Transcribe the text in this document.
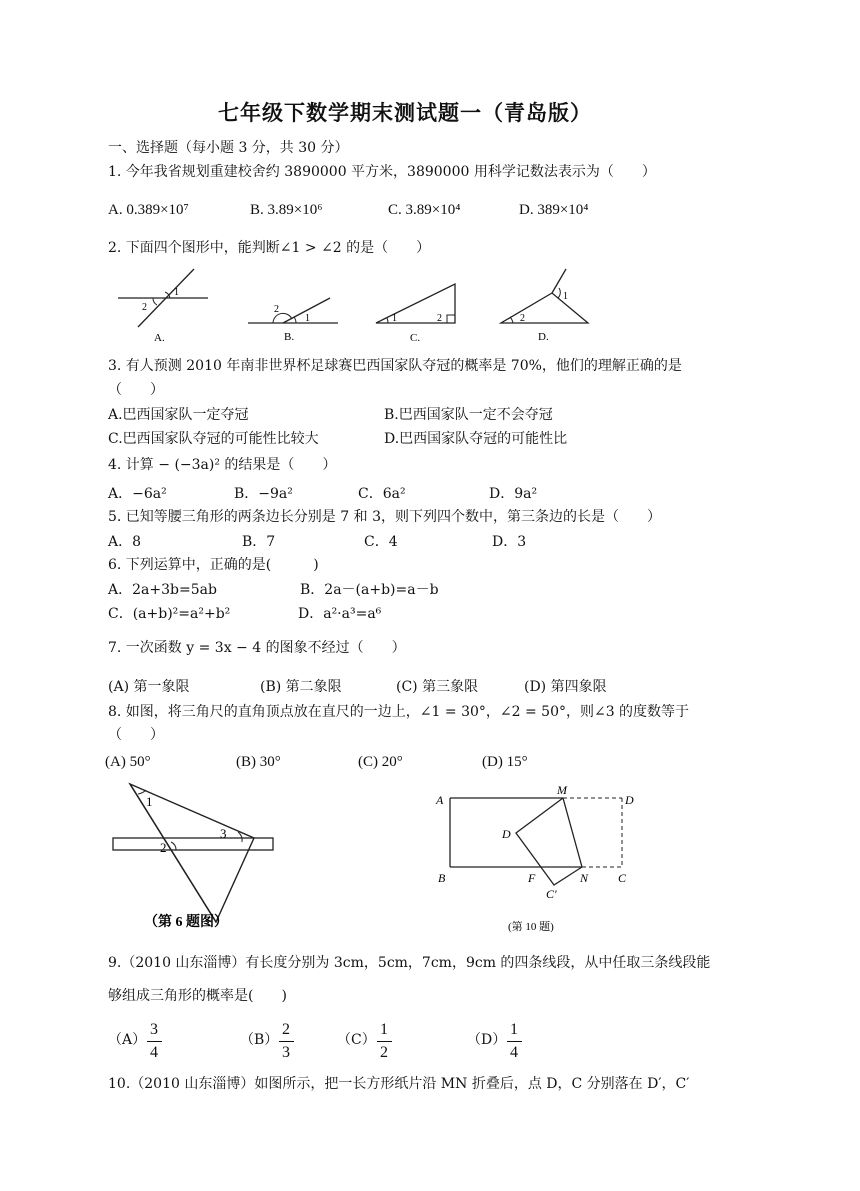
七年级下数学期末测试题一（青岛版）
一、选择题（每小题 3 分，共 30 分）
1. 今年我省规划重建校舍约 3890000 平方米，3890000 用科学记数法表示为（　　）
A. 0.389×10⁷	B. 3.89×10⁶	C. 3.89×10⁴	D. 389×10⁴
2. 下面四个图形中，能判断∠1 > ∠2 的是（　　）
1
2
A.
2
1
B.
1	2
C.
1
2
D.
3. 有人预测 2010 年南非世界杯足球赛巴西国家队夺冠的概率是 70%，他们的理解正确的是
（　　）
A.巴西国家队一定夺冠	B.巴西国家队一定不会夺冠
C.巴西国家队夺冠的可能性比较大	D.巴西国家队夺冠的可能性比
4. 计算 − (−3a)² 的结果是（　　）
A．−6a²	B．−9a²	C．6a²	D．9a²
5. 已知等腰三角形的两条边长分别是 7 和 3，则下列四个数中，第三条边的长是（　　）
A．8	B．7	C．4	D．3
6. 下列运算中，正确的是(　　　)
A．2a+3b=5ab	B．2a－(a+b)=a－b
C．(a+b)²=a²+b²	D．a²·a³=a⁶
7. 一次函数 y = 3x − 4 的图象不经过（　　）
(A) 第一象限	(B) 第二象限	(C) 第三象限	(D) 第四象限
8. 如图，将三角尺的直角顶点放在直尺的一边上，∠1 = 30°，∠2 = 50°，则∠3 的度数等于
（　　）
(A) 50°	(B) 30°	(C) 20°	(D) 15°
1
2
3
（第 6 题图）
A
M
D
D
B	F	N C
C′
(第 10 题)
9.（2010 山东淄博）有长度分别为 3cm，5cm，7cm，9cm 的四条线段，从中任取三条线段能
够组成三角形的概率是(　　)
（A）
3
4
（B）
2
3
（C）
1
2
（D）
1
4
10.（2010 山东淄博）如图所示，把一长方形纸片沿 MN 折叠后，点 D，C 分别落在 D′，C′
